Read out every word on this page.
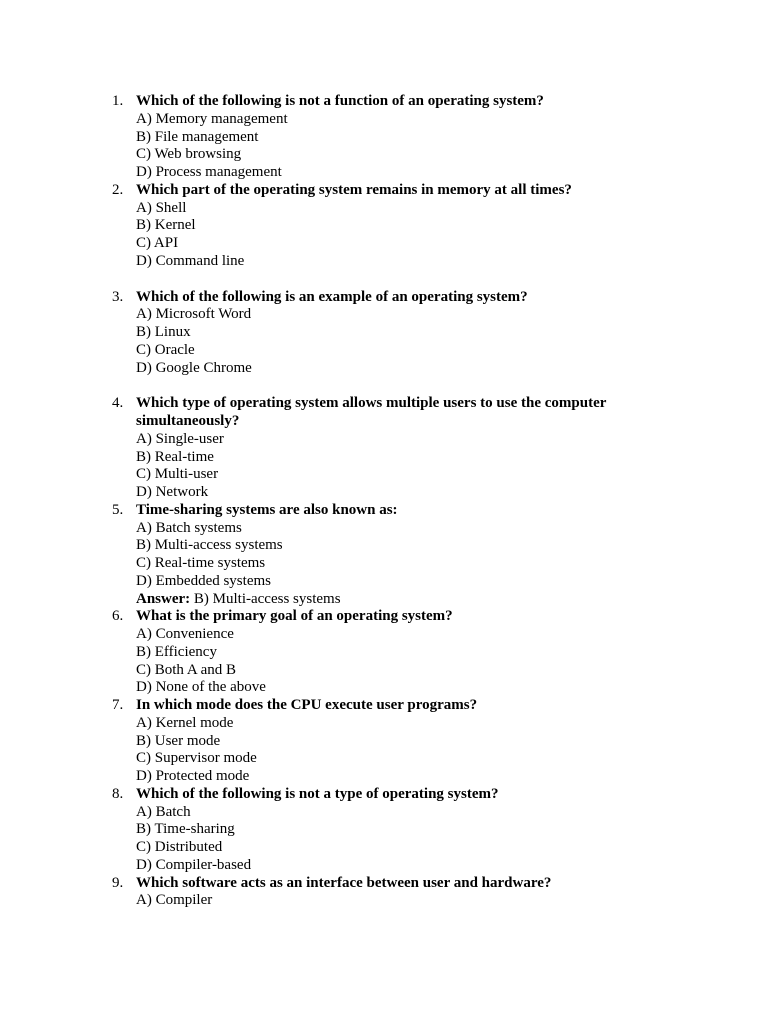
1. Which of the following is not a function of an operating system?
A) Memory management
B) File management
C) Web browsing
D) Process management
2. Which part of the operating system remains in memory at all times?
A) Shell
B) Kernel
C) API
D) Command line
3. Which of the following is an example of an operating system?
A) Microsoft Word
B) Linux
C) Oracle
D) Google Chrome
4. Which type of operating system allows multiple users to use the computer simultaneously?
A) Single-user
B) Real-time
C) Multi-user
D) Network
5. Time-sharing systems are also known as:
A) Batch systems
B) Multi-access systems
C) Real-time systems
D) Embedded systems
Answer: B) Multi-access systems
6. What is the primary goal of an operating system?
A) Convenience
B) Efficiency
C) Both A and B
D) None of the above
7. In which mode does the CPU execute user programs?
A) Kernel mode
B) User mode
C) Supervisor mode
D) Protected mode
8. Which of the following is not a type of operating system?
A) Batch
B) Time-sharing
C) Distributed
D) Compiler-based
9. Which software acts as an interface between user and hardware?
A) Compiler
